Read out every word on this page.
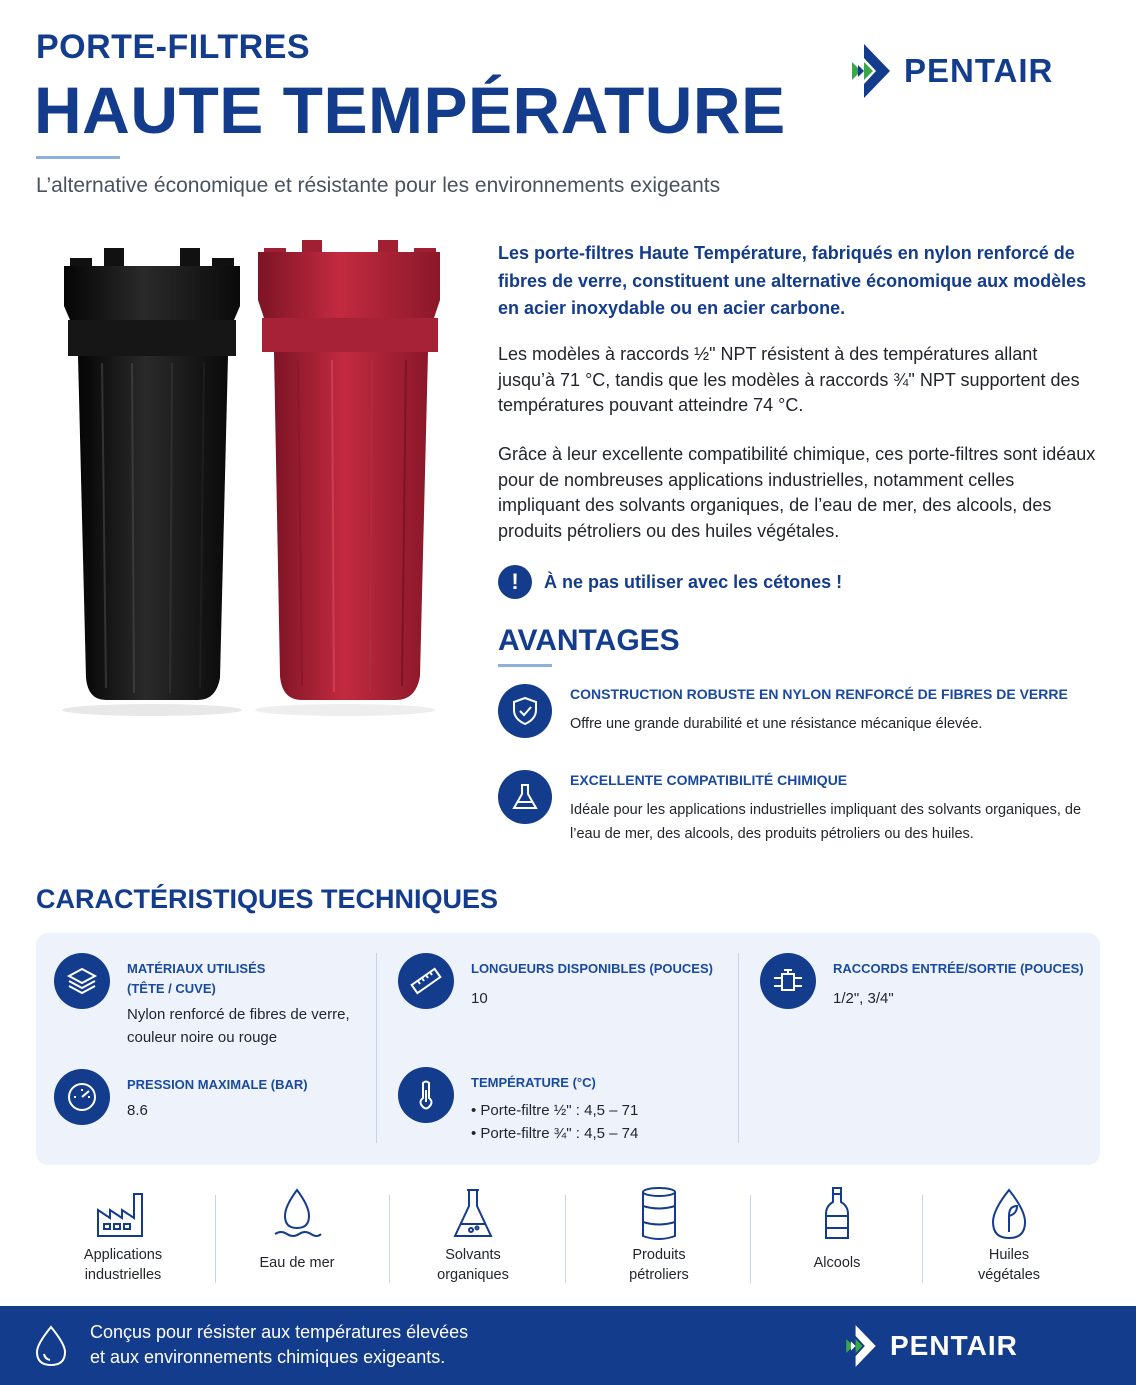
PORTE-FILTRES
HAUTE TEMPÉRATURE
L’alternative économique et résistante pour les environnements exigeants
PENTAIR
Les porte-filtres Haute Température, fabriqués en nylon renforcé de fibres de verre, constituent une alternative économique aux modèles en acier inoxydable ou en acier carbone.
Les modèles à raccords ½" NPT résistent à des températures allant jusqu’à 71 °C, tandis que les modèles à raccords ¾" NPT supportent des températures pouvant atteindre 74 °C.
Grâce à leur excellente compatibilité chimique, ces porte-filtres sont idéaux pour de nombreuses applications industrielles, notamment celles impliquant des solvants organiques, de l’eau de mer, des alcools, des produits pétroliers ou des huiles végétales.
!	À ne pas utiliser avec les cétones !
AVANTAGES
CONSTRUCTION ROBUSTE EN NYLON RENFORCÉ DE FIBRES DE VERRE
Offre une grande durabilité et une résistance mécanique élevée.
EXCELLENTE COMPATIBILITÉ CHIMIQUE
Idéale pour les applications industrielles impliquant des solvants organiques, de l’eau de mer, des alcools, des produits pétroliers ou des huiles.
CARACTÉRISTIQUES TECHNIQUES
MATÉRIAUX UTILISÉS
(TÊTE / CUVE)
Nylon renforcé de fibres de verre,
couleur noire ou rouge
PRESSION MAXIMALE (BAR)
8.6
LONGUEURS DISPONIBLES (POUCES)
10
TEMPÉRATURE (°C)
• Porte-filtre ½" : 4,5 – 71
• Porte-filtre ¾" : 4,5 – 74
RACCORDS ENTRÉE/SORTIE (POUCES)
1/2", 3/4"
Applications
industrielles
Eau de mer	Solvants
organiques
Produits
pétroliers
Alcools	Huiles
végétales
Conçus pour résister aux températures élevées
et aux environnements chimiques exigeants.	PENTAIR
